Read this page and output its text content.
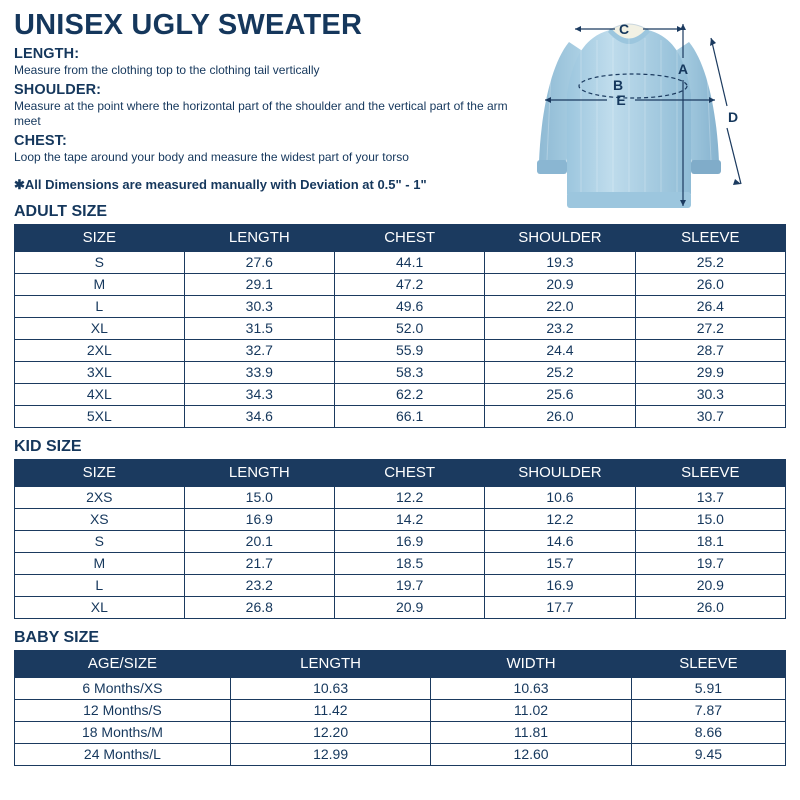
UNISEX UGLY SWEATER
LENGTH:
Measure from the clothing top to the clothing tail vertically
SHOULDER:
Measure at the point where the horizontal part of the shoulder and the vertical part of the arm meet
CHEST:
Loop the tape around your body and measure the widest part of your torso
✱All Dimensions are measured manually with Deviation at 0.5" - 1"
C
A
B
E
D
ADULT SIZE
SIZE	LENGTH	CHEST	SHOULDER	SLEEVE
S	27.6	44.1	19.3	25.2
M	29.1	47.2	20.9	26.0
L	30.3	49.6	22.0	26.4
XL	31.5	52.0	23.2	27.2
2XL	32.7	55.9	24.4	28.7
3XL	33.9	58.3	25.2	29.9
4XL	34.3	62.2	25.6	30.3
5XL	34.6	66.1	26.0	30.7
KID SIZE
SIZE	LENGTH	CHEST	SHOULDER	SLEEVE
2XS	15.0	12.2	10.6	13.7
XS	16.9	14.2	12.2	15.0
S	20.1	16.9	14.6	18.1
M	21.7	18.5	15.7	19.7
L	23.2	19.7	16.9	20.9
XL	26.8	20.9	17.7	26.0
BABY SIZE
AGE/SIZE	LENGTH	WIDTH	SLEEVE
6 Months/XS	10.63	10.63	5.91
12 Months/S	11.42	11.02	7.87
18 Months/M	12.20	11.81	8.66
24 Months/L	12.99	12.60	9.45
